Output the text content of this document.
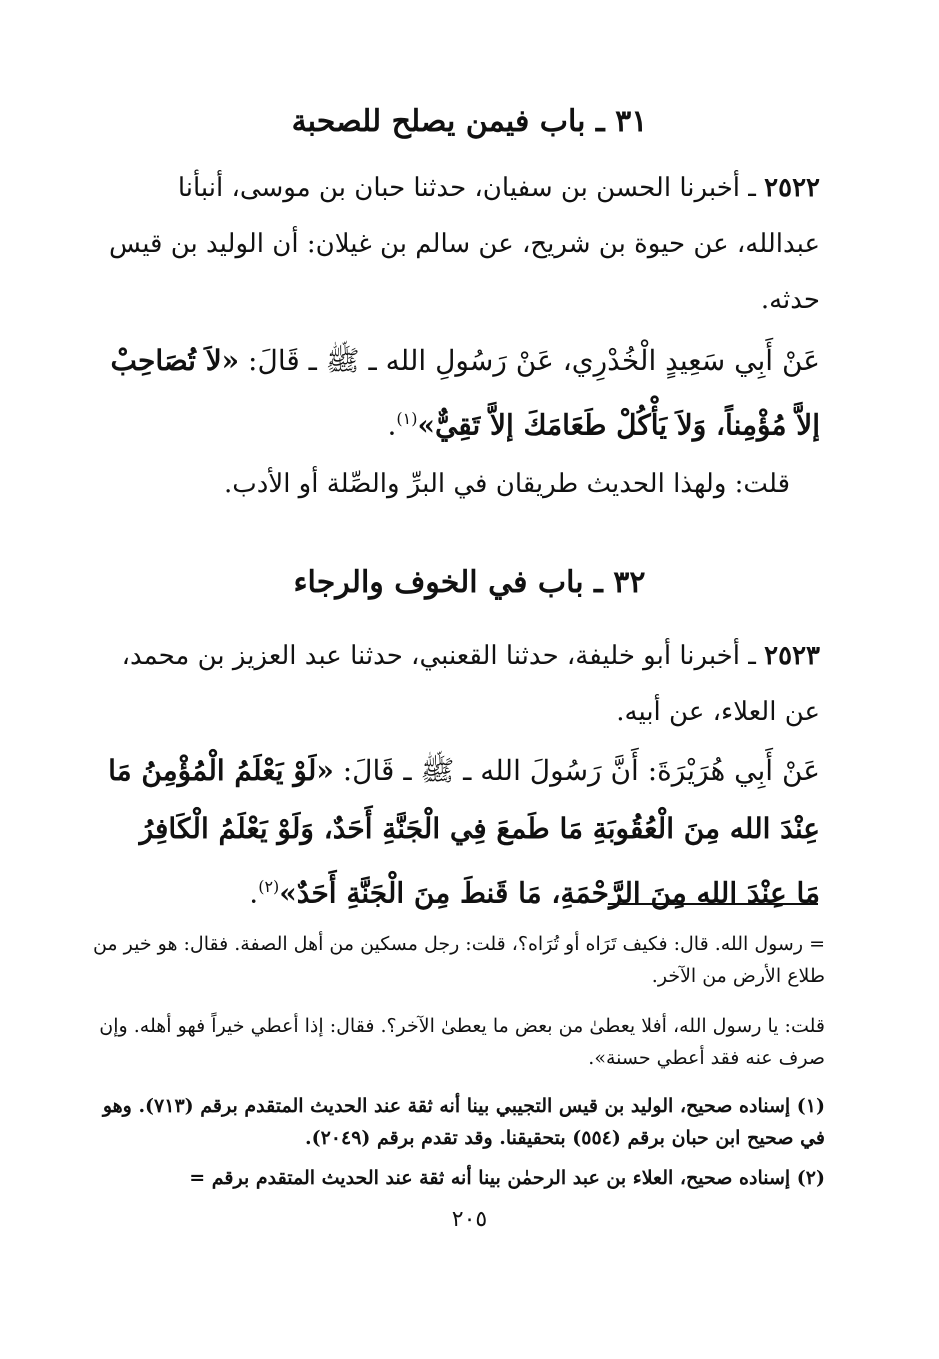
٣١ ـ باب فيمن يصلح للصحبة
٢٥٢٢ ـ أخبرنا الحسن بن سفيان، حدثنا حبان بن موسى، أنبأنا عبدالله، عن حيوة بن شريح، عن سالم بن غيلان: أن الوليد بن قيس حدثه.
عَنْ أَبِي سَعِيدٍ الْخُدْرِي، عَنْ رَسُولِ الله ـ ﷺ ـ قَالَ: «لاَ تُصَاحِبْ إلاَّ مُؤْمِناً، وَلاَ يَأْكُلْ طَعَامَكَ إلاَّ تَقِيٌّ»$^{(١)}$.
قلت: ولهذا الحديث طريقان في البرِّ والصِّلة أو الأدب.
٣٢ ـ باب في الخوف والرجاء
٢٥٢٣ ـ أخبرنا أبو خليفة، حدثنا القعنبي، حدثنا عبد العزيز بن محمد، عن العلاء، عن أبيه.
عَنْ أَبِي هُرَيْرَةَ: أَنَّ رَسُولَ الله ـ ﷺ ـ قَالَ: «لَوْ يَعْلَمُ الْمُؤْمِنُ مَا عِنْدَ الله مِنَ الْعُقُوبَةِ مَا طَمعَ فِي الْجَنَّةِ أَحَدٌ، وَلَوْ يَعْلَمُ الْكَافِرُ مَا عِنْدَ الله مِنَ الرَّحْمَةِ، مَا قَنطَ مِنَ الْجَنَّةِ أَحَدٌ»$^{(٢)}$.
= رسول الله. قال: فكيف تَرَاه أو تُرَاه؟، قلت: رجل مسكين من أهل الصفة. فقال: هو خير من طلاع الأرض من الآخر.
قلت: يا رسول الله، أفلا يعطىٰ من بعض ما يعطىٰ الآخر؟. فقال: إذا أعطي خيراً فهو أهله. وإن صرف عنه فقد أعطي حسنة».
(١) إسناده صحيح، الوليد بن قيس التجيبي بينا أنه ثقة عند الحديث المتقدم برقم (٧١٣). وهو في صحيح ابن حبان برقم (٥٥٤) بتحقيقنا. وقد تقدم برقم (٢٠٤٩).
(٢) إسناده صحيح، العلاء بن عبد الرحمٰن بينا أنه ثقة عند الحديث المتقدم برقم =
٢٠٥
